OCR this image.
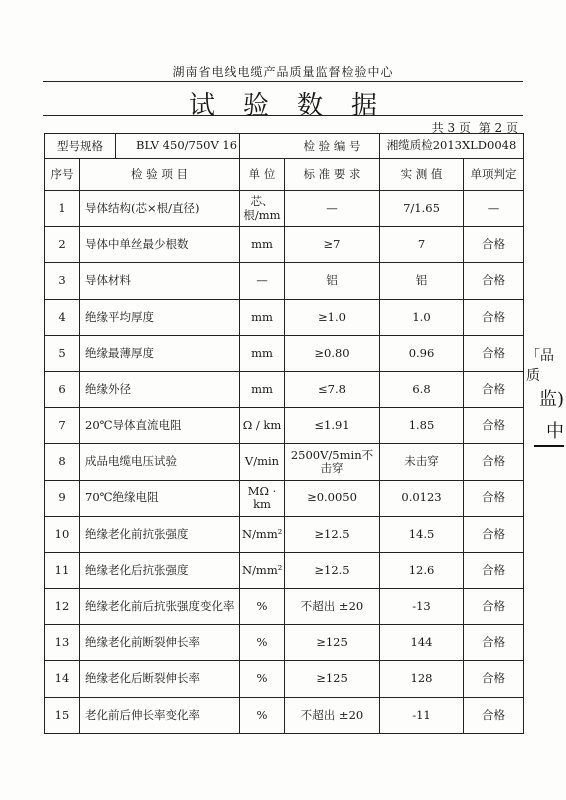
湖南省电线电缆产品质量监督检验中心
试验数据
共 3 页 第 2 页
型号规格 BLV 450/750V 16		检 验 编 号		湘缆质检2013XLD0048	
序号	检 验 项 目	单 位	标 准 要 求	实 测 值	单项判定
1	导体结构(芯×根/直径)	芯、根/mm	—	7/1.65	—
2	导体中单丝最少根数	mm	≥7	7	合格
3	导体材料	—	铝	铝	合格
4	绝缘平均厚度	mm	≥1.0	1.0	合格
5	绝缘最薄厚度	mm	≥0.80	0.96	合格
6	绝缘外径	mm	≤7.8	6.8	合格
7	20℃导体直流电阻	Ω / km	≤1.91	1.85	合格
8	成品电缆电压试验	V/min	2500V/5min不击穿	未击穿	合格
9	70℃绝缘电阻	MΩ · km	≥0.0050	0.0123	合格
10	绝缘老化前抗张强度	N/mm²	≥12.5	14.5	合格
11	绝缘老化后抗张强度	N/mm²	≥12.5	12.6	合格
12	绝缘老化前后抗张强度变化率	%	不超出 ±20	-13	合格
13	绝缘老化前断裂伸长率	%	≥125	144	合格
14	绝缘老化后断裂伸长率	%	≥125	128	合格
15	老化前后伸长率变化率	%	不超出 ±20	-11	合格
「品质
监)
中
